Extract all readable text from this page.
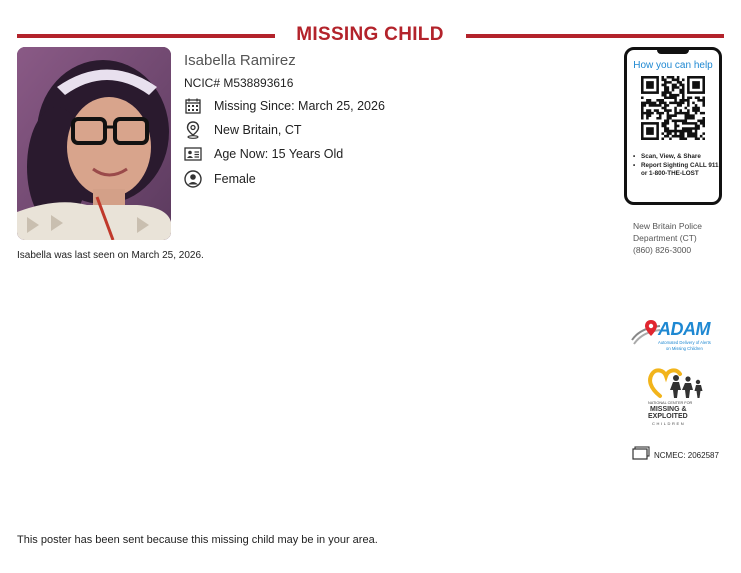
MISSING CHILD
Isabella Ramirez
NCIC# M538893616
Missing Since: March 25, 2026
New Britain, CT
Age Now: 15 Years Old
Female
Isabella was last seen on March 25, 2026.
How you can help
• Scan, View, & Share
• Report Sighting CALL 911 or 1-800-THE-LOST
New Britain Police
Department (CT)
(860) 826-3000
ADAM
Automated Delivery of Alerts
on Missing Children
NATIONAL CENTER FOR
MISSING &
EXPLOITED
CHILDREN
NCMEC: 2062587
This poster has been sent because this missing child may be in your area.
